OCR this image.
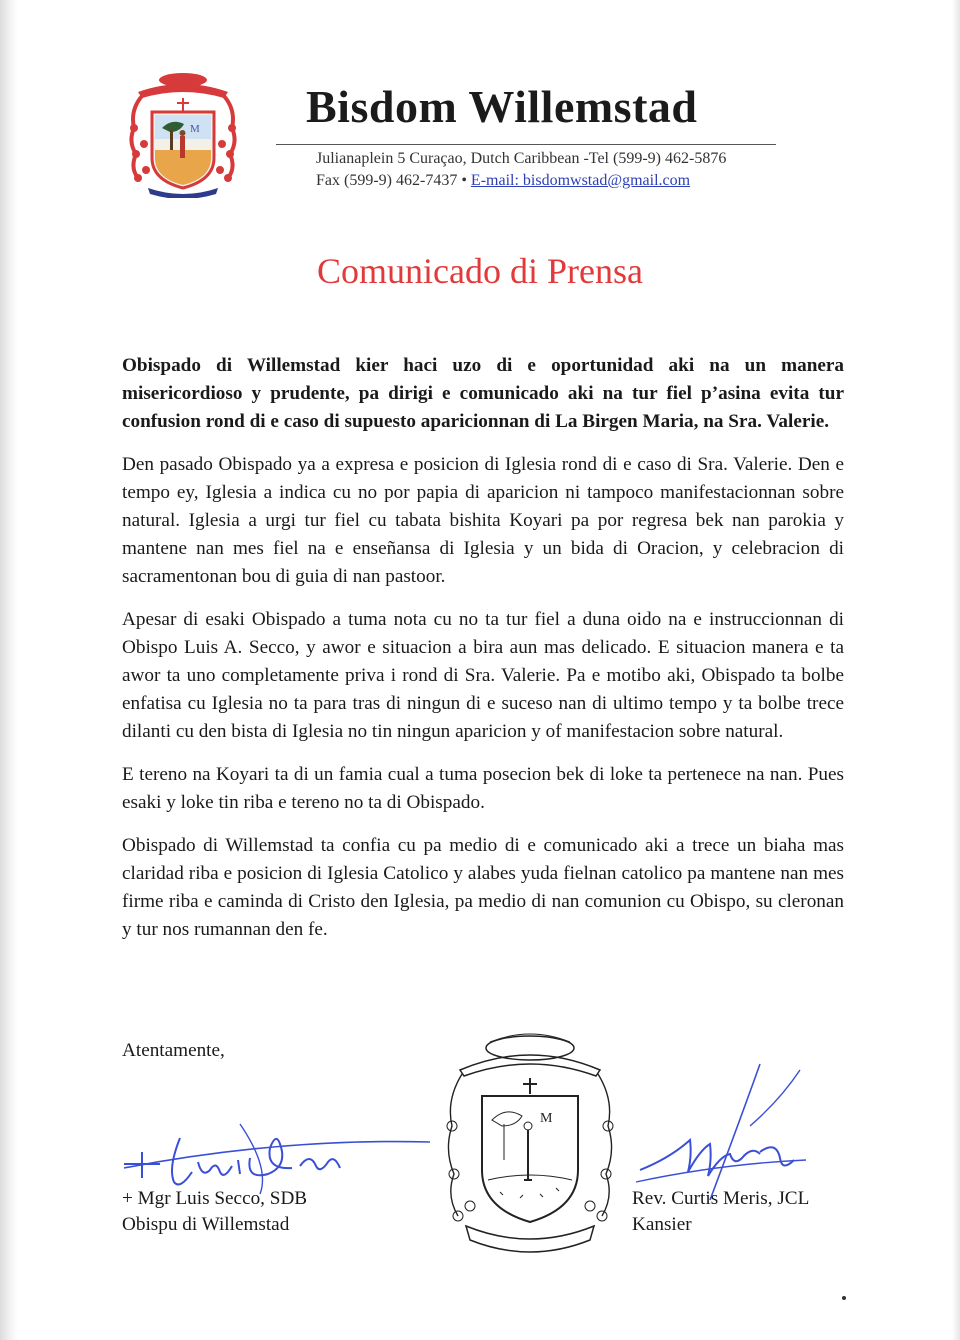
M Bisdom Willemstad
Julianaplein 5 Curaçao, Dutch Caribbean -Tel (599-9) 462-5876
Fax (599-9) 462-7437 • E-mail: bisdomwstad@gmail.com
Comunicado di Prensa

Obispado di Willemstad kier haci uzo di e oportunidad aki na un manera misericordioso y prudente, pa dirigi e comunicado aki na tur fiel p’asina evita tur confusion rond di e caso di supuesto aparicionnan di La Birgen Maria, na Sra. Valerie.

Den pasado Obispado ya a expresa e posicion di Iglesia rond di e caso di Sra. Valerie. Den e tempo ey, Iglesia a indica cu no por papia di aparicion ni tampoco manifestacionnan sobre natural. Iglesia a urgi tur fiel cu tabata bishita Koyari pa por regresa bek nan parokia y mantene nan mes fiel na e enseñansa di Iglesia y un bida di Oracion, y celebracion di sacramentonan bou di guia di nan pastoor.

Apesar di esaki Obispado a tuma nota cu no ta tur fiel a duna oido na e instruccionnan di Obispo Luis A. Secco, y awor e situacion a bira aun mas delicado. E situacion manera e ta awor ta uno completamente priva i rond di Sra. Valerie. Pa e motibo aki, Obispado ta bolbe enfatisa cu Iglesia no ta para tras di ningun di e suceso nan di ultimo tempo y ta bolbe trece dilanti cu den bista di Iglesia no tin ningun aparicion y of manifestacion sobre natural.

E tereno na Koyari ta di un famia cual a tuma posecion bek di loke ta pertenece na nan. Pues esaki y loke tin riba e tereno no ta di Obispado.

Obispado di Willemstad ta confia cu pa medio di e comunicado aki a trece un biaha mas claridad riba e posicion di Iglesia Catolico y alabes yuda fielnan catolico pa mantene nan mes firme riba e caminda di Cristo den Iglesia, pa medio di nan comunion cu Obispo, su cleronan y tur nos rumannan den fe.

Atentamente,
+ Mgr Luis Secco, SDB
Obispu di Willemstad
M
Rev. Curtis Meris, JCL
Kansier
